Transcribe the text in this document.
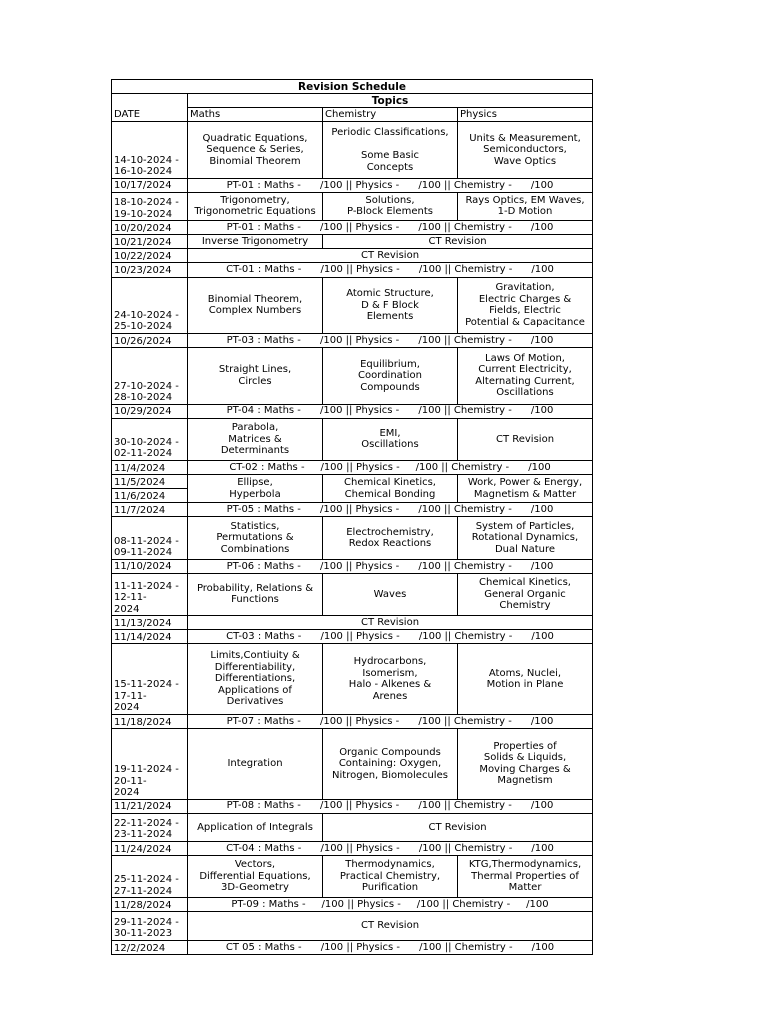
Revision Schedule			
	Topics		
DATE	Maths	Chemistry	Physics
14-10-2024 -
16-10-2024	Quadratic Equations,
Sequence & Series,
Binomial Theorem	Periodic Classifications,

Some Basic
Concepts	Units & Measurement,
Semiconductors,
Wave Optics
10/17/2024	PT-01 : Maths -      /100 || Physics -      /100 || Chemistry -      /100		
18-10-2024 -
19-10-2024	Trigonometry,
Trigonometric Equations	Solutions,
P-Block Elements	Rays Optics, EM Waves,
1-D Motion
10/20/2024	PT-01 : Maths -      /100 || Physics -      /100 || Chemistry -      /100		
10/21/2024	Inverse Trigonometry	CT Revision	
10/22/2024	CT Revision		
10/23/2024	CT-01 : Maths -      /100 || Physics -      /100 || Chemistry -      /100		
24-10-2024 -
25-10-2024	Binomial Theorem,
Complex Numbers	Atomic Structure,
D & F Block
Elements	Gravitation,
Electric Charges &
Fields, Electric
Potential & Capacitance
10/26/2024	PT-03 : Maths -      /100 || Physics -      /100 || Chemistry -      /100		
27-10-2024 -
28-10-2024	Straight Lines,
Circles	Equilibrium,
Coordination
Compounds	Laws Of Motion,
Current Electricity,
Alternating Current,
Oscillations
10/29/2024	PT-04 : Maths -      /100 || Physics -      /100 || Chemistry -      /100		
30-10-2024 -
02-11-2024	Parabola,
Matrices &
Determinants	EMI,
Oscillations	CT Revision
11/4/2024	CT-02 : Maths -     /100 || Physics -     /100 || Chemistry -      /100		
11/5/2024	Ellipse,
Hyperbola	Chemical Kinetics,
Chemical Bonding	Work, Power & Energy,
Magnetism & Matter
11/6/2024			
11/7/2024	PT-05 : Maths -      /100 || Physics -      /100 || Chemistry -      /100		
08-11-2024 -
09-11-2024	Statistics,
Permutations &
Combinations	Electrochemistry,
Redox Reactions	System of Particles,
Rotational Dynamics,
Dual Nature
11/10/2024	PT-06 : Maths -      /100 || Physics -      /100 || Chemistry -      /100		
11-11-2024 -
12-11-
2024	Probability, Relations &
Functions	Waves	Chemical Kinetics,
General Organic
Chemistry
11/13/2024	CT Revision		
11/14/2024	CT-03 : Maths -      /100 || Physics -      /100 || Chemistry -      /100		
15-11-2024 -
17-11-
2024	Limits,Contiuity &
Differentiability,
Differentiations,
Applications of
Derivatives	Hydrocarbons,
Isomerism,
Halo - Alkenes &
Arenes	Atoms, Nuclei,
Motion in Plane
11/18/2024	PT-07 : Maths -      /100 || Physics -      /100 || Chemistry -      /100		
19-11-2024 -
20-11-
2024	Integration	Organic Compounds
Containing: Oxygen,
Nitrogen, Biomolecules	Properties of
Solids & Liquids,
Moving Charges &
Magnetism
11/21/2024	PT-08 : Maths -      /100 || Physics -      /100 || Chemistry -      /100		
22-11-2024 -
23-11-2024	Application of Integrals	CT Revision	
11/24/2024	CT-04 : Maths -      /100 || Physics -      /100 || Chemistry -      /100		
25-11-2024 -
27-11-2024	Vectors,
Differential Equations,
3D-Geometry	Thermodynamics,
Practical Chemistry,
Purification	KTG,Thermodynamics,
Thermal Properties of
Matter
11/28/2024	PT-09 : Maths -     /100 || Physics -     /100 || Chemistry -     /100		
29-11-2024 -
30-11-2023	CT Revision		
12/2/2024	CT 05 : Maths -      /100 || Physics -      /100 || Chemistry -      /100		
